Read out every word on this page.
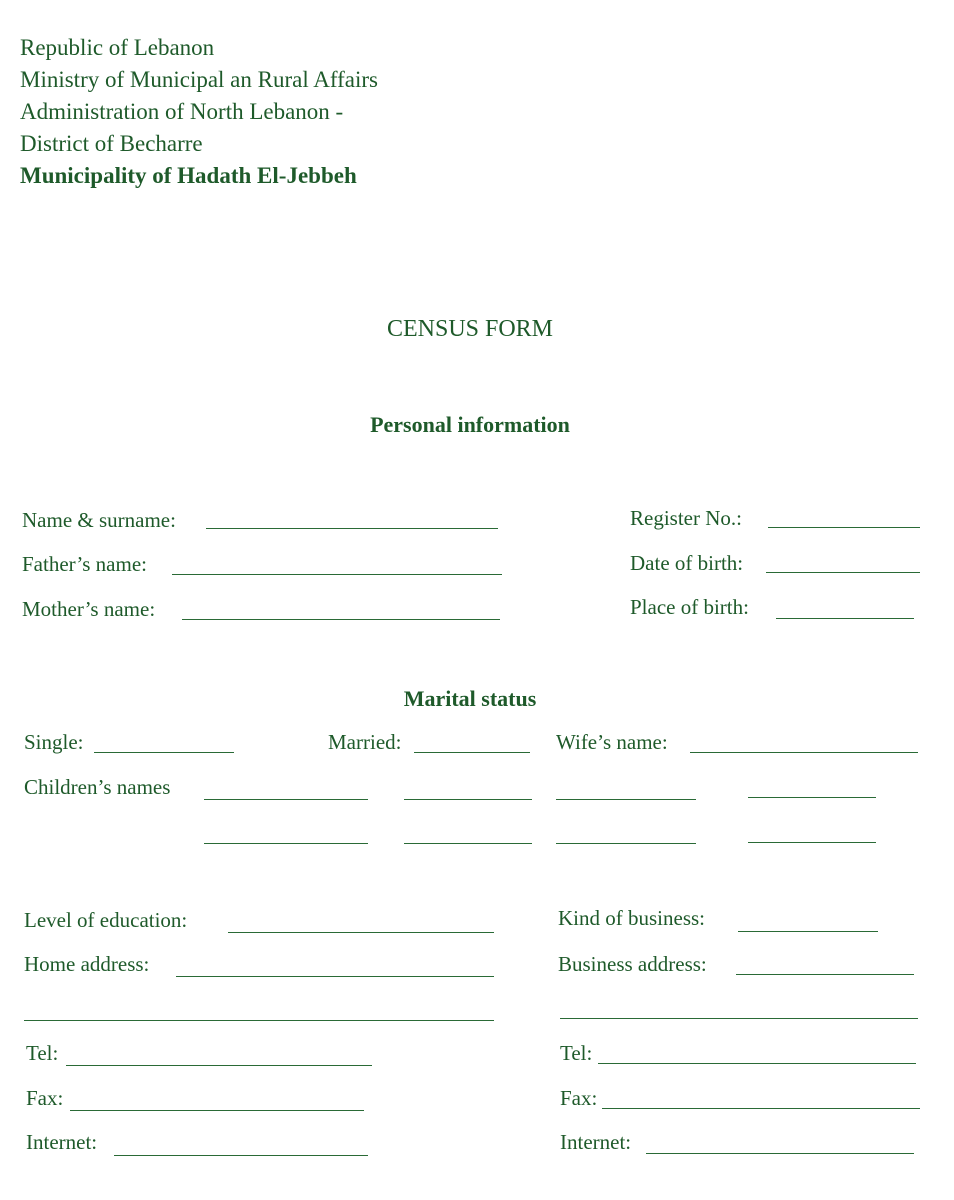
Republic of Lebanon
Ministry of Municipal an Rural Affairs
Administration of North Lebanon -
District of Becharre
Municipality of Hadath El-Jebbeh
CENSUS FORM
Personal information
Name & surname:
Father’s name:
Mother’s name:
Register No.:
Date of birth:
Place of birth:
Marital status
Single:	Married:	Wife’s name:
Children’s names
Level of education:
Home address:
Kind of business:
Business address:
Tel:
Fax:
Internet:
Tel:
Fax:
Internet:
